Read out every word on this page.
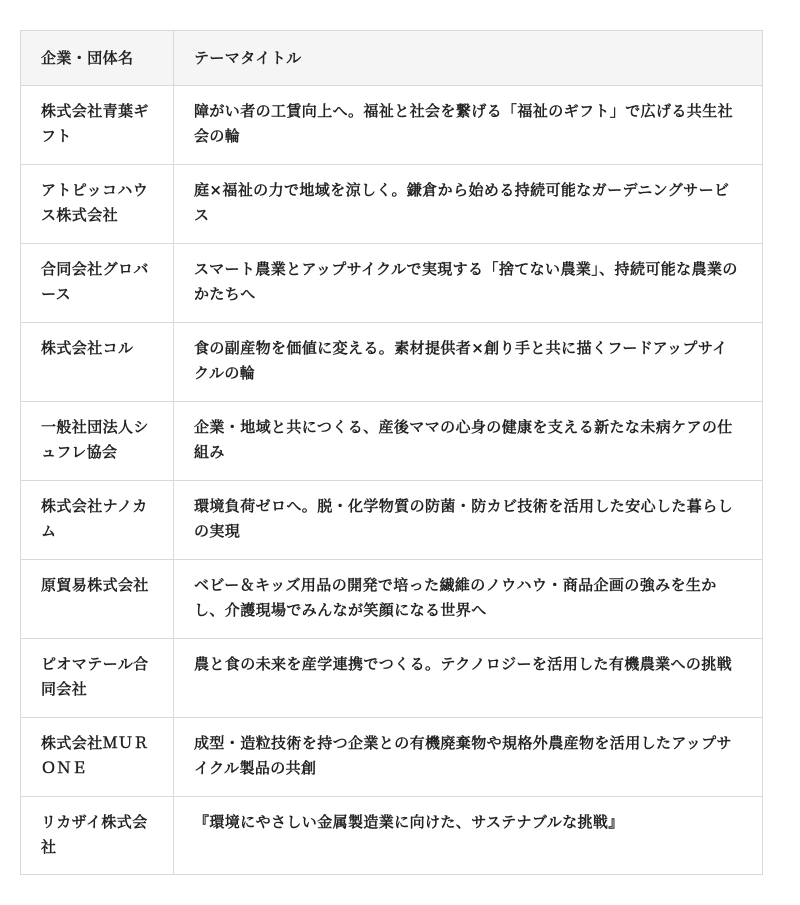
企業・団体名	テーマタイトル
株式会社青葉ギフト	障がい者の工賃向上へ。福祉と社会を繋げる「福祉のギフト」で広げる共生社会の輪
アトピッコハウス株式会社	庭×福祉の力で地域を涼しく。鎌倉から始める持続可能なガーデニングサービス
合同会社グロバース	スマート農業とアップサイクルで実現する「捨てない農業」、持続可能な農業のかたちへ
株式会社コル	食の副産物を価値に変える。素材提供者×創り手と共に描くフードアップサイクルの輪
一般社団法人シュフレ協会	企業・地域と共につくる、産後ママの心身の健康を支える新たな未病ケアの仕組み
株式会社ナノカム	環境負荷ゼロへ。脱・化学物質の防菌・防カビ技術を活用した安心した暮らしの実現
原貿易株式会社	ベビー＆キッズ用品の開発で培った繊維のノウハウ・商品企画の強みを生かし、介護現場でみんなが笑顔になる世界へ
ピオマテール合同会社	農と食の未来を産学連携でつくる。テクノロジーを活用した有機農業への挑戦
株式会社ＭＵＲＯＮＥ	成型・造粒技術を持つ企業との有機廃棄物や規格外農産物を活用したアップサイクル製品の共創
リカザイ株式会社	『環境にやさしい金属製造業に向けた、サステナブルな挑戦』
